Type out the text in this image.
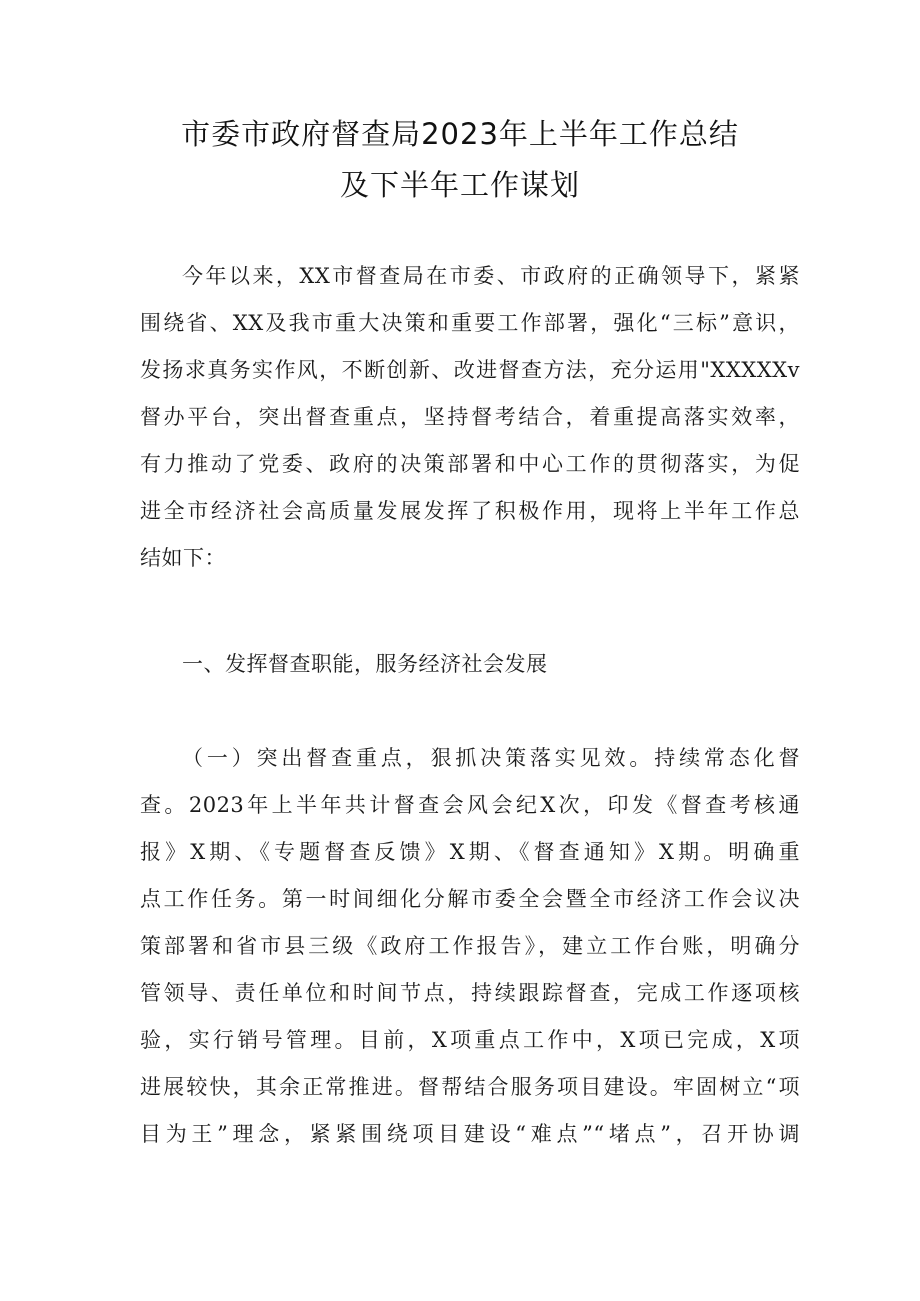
市委市政府督查局2023年上半年工作总结
及下半年工作谋划
今年以来，XX市督查局在市委、市政府的正确领导下，紧紧
围绕省、XX及我市重大决策和重要工作部署，强化“三标”意识，
发扬求真务实作风，不断创新、改进督查方法，充分运用"XXXXXv
督办平台，突出督查重点，坚持督考结合，着重提高落实效率，
有力推动了党委、政府的决策部署和中心工作的贯彻落实，为促
进全市经济社会高质量发展发挥了积极作用，现将上半年工作总
结如下：
一、发挥督查职能，服务经济社会发展
（一）突出督查重点，狠抓决策落实见效。持续常态化督
查。2023年上半年共计督查会风会纪X次，印发《督查考核通
报》X期、《专题督查反馈》X期、《督查通知》X期。明确重
点工作任务。第一时间细化分解市委全会暨全市经济工作会议决
策部署和省市县三级《政府工作报告》，建立工作台账，明确分
管领导、责任单位和时间节点，持续跟踪督查，完成工作逐项核
验，实行销号管理。目前，X项重点工作中，X项已完成，X项
进展较快，其余正常推进。督帮结合服务项目建设。牢固树立“项
目为王”理念，紧紧围绕项目建设“难点”“堵点”，召开协调
